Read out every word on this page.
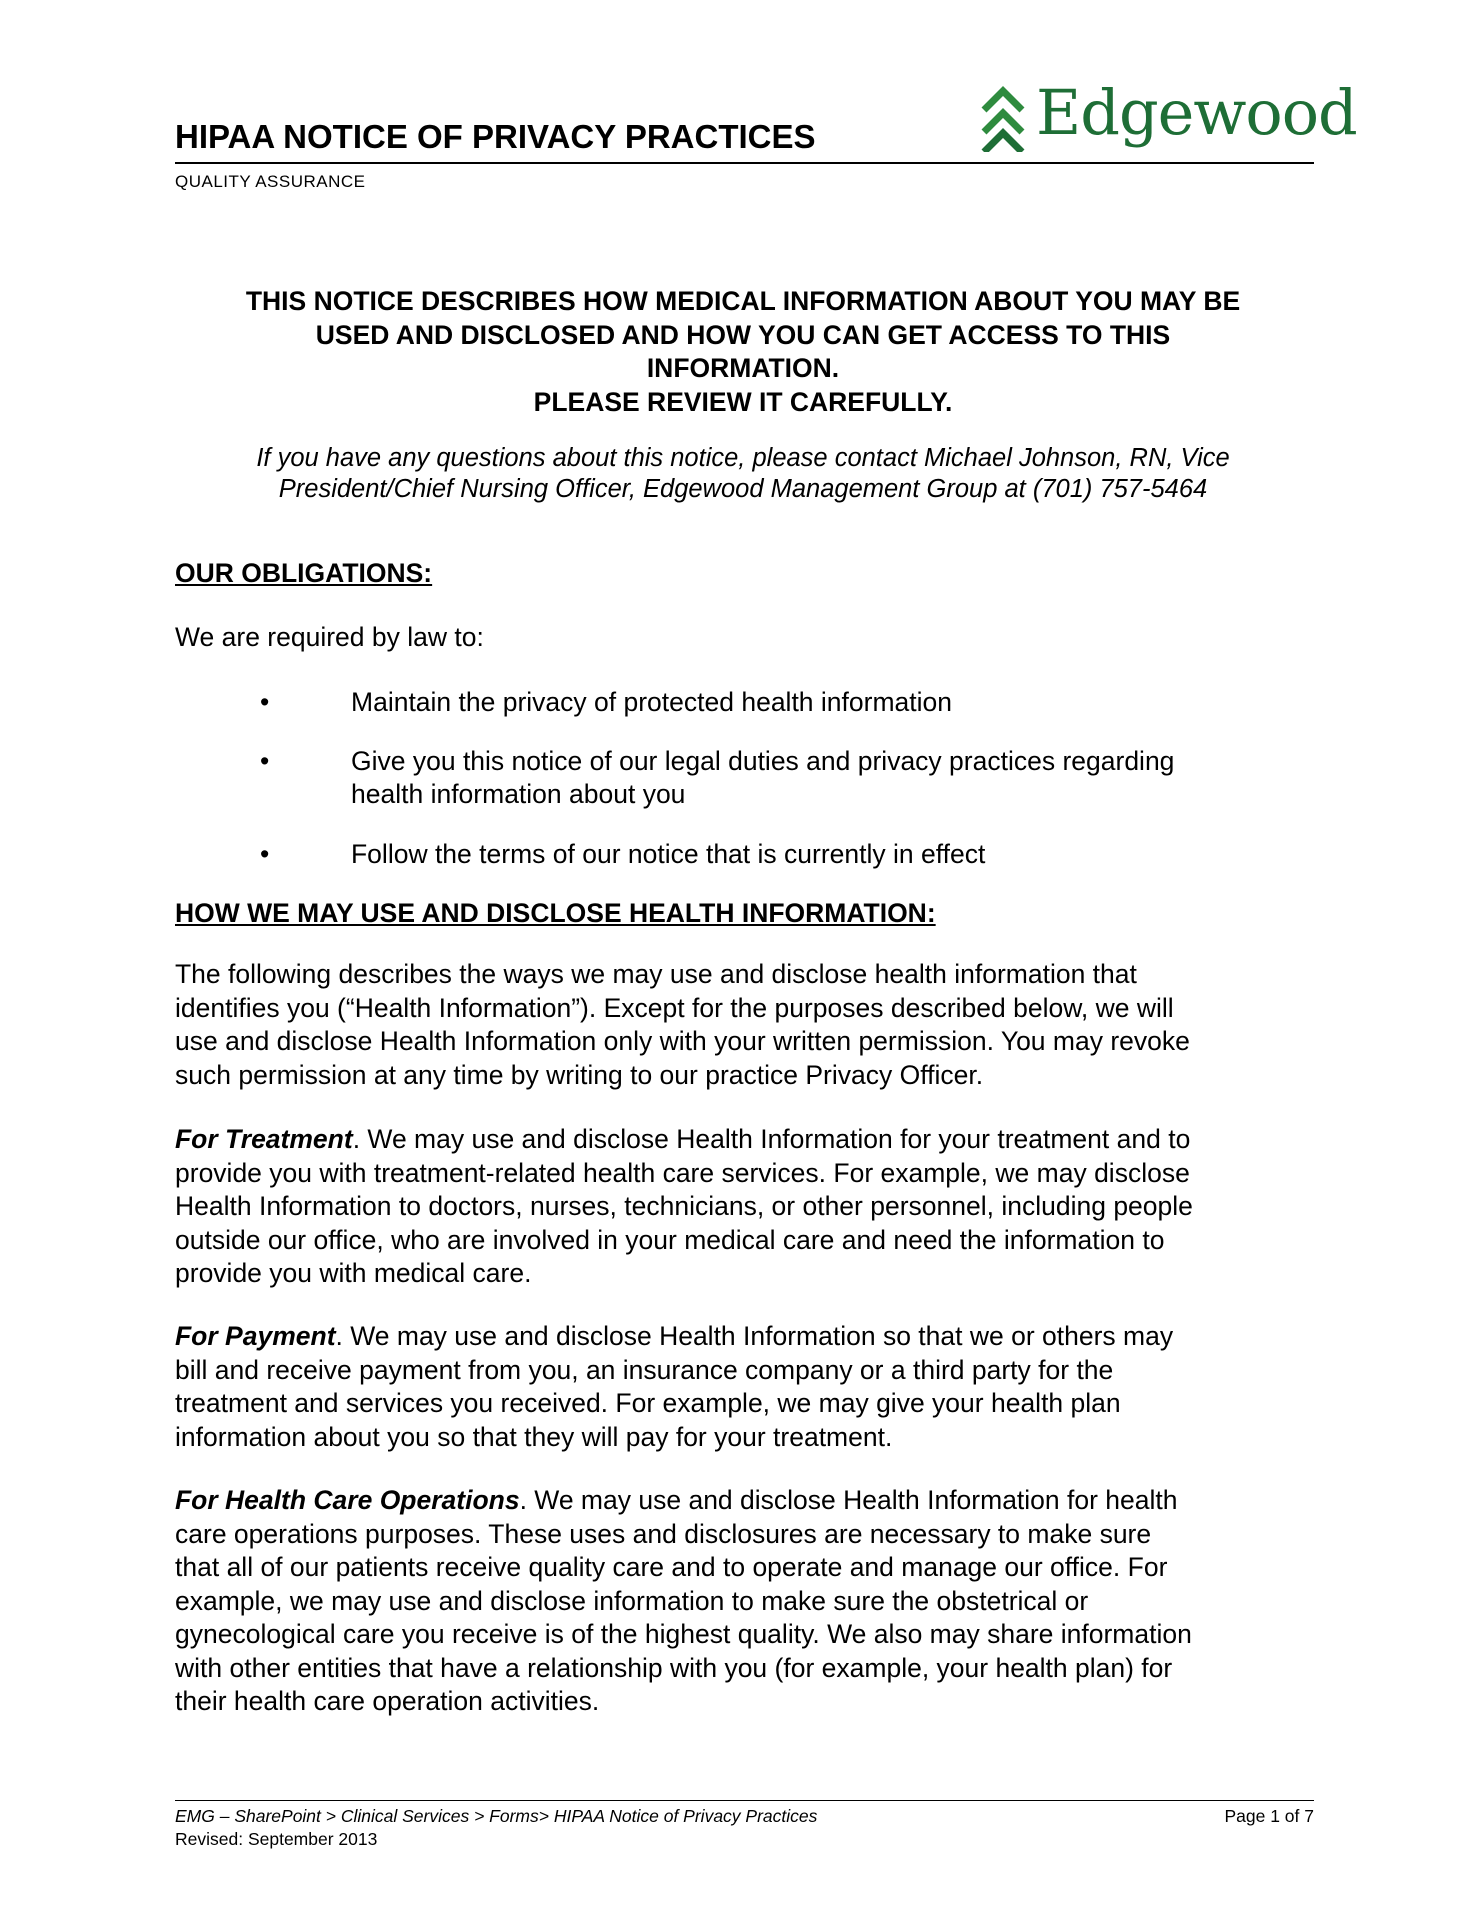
HIPAA NOTICE OF PRIVACY PRACTICES	Edgewood
QUALITY ASSURANCE
THIS NOTICE DESCRIBES HOW MEDICAL INFORMATION ABOUT YOU MAY BE
USED AND DISCLOSED AND HOW YOU CAN GET ACCESS TO THIS
INFORMATION.
PLEASE REVIEW IT CAREFULLY.
If you have any questions about this notice, please contact Michael Johnson, RN, Vice
President/Chief Nursing Officer, Edgewood Management Group at (701) 757-5464
OUR OBLIGATIONS:
We are required by law to:
•	Maintain the privacy of protected health information
•	Give you this notice of our legal duties and privacy practices regarding
health information about you
•	Follow the terms of our notice that is currently in effect
HOW WE MAY USE AND DISCLOSE HEALTH INFORMATION:
The following describes the ways we may use and disclose health information that
identifies you (“Health Information”). Except for the purposes described below, we will
use and disclose Health Information only with your written permission. You may revoke
such permission at any time by writing to our practice Privacy Officer.
For Treatment. We may use and disclose Health Information for your treatment and to
provide you with treatment-related health care services. For example, we may disclose
Health Information to doctors, nurses, technicians, or other personnel, including people
outside our office, who are involved in your medical care and need the information to
provide you with medical care.
For Payment. We may use and disclose Health Information so that we or others may
bill and receive payment from you, an insurance company or a third party for the
treatment and services you received. For example, we may give your health plan
information about you so that they will pay for your treatment.
For Health Care Operations. We may use and disclose Health Information for health
care operations purposes. These uses and disclosures are necessary to make sure
that all of our patients receive quality care and to operate and manage our office. For
example, we may use and disclose information to make sure the obstetrical or
gynecological care you receive is of the highest quality. We also may share information
with other entities that have a relationship with you (for example, your health plan) for
their health care operation activities.
EMG – SharePoint > Clinical Services > Forms> HIPAA Notice of Privacy Practices
Revised: September 2013
Page 1 of 7
